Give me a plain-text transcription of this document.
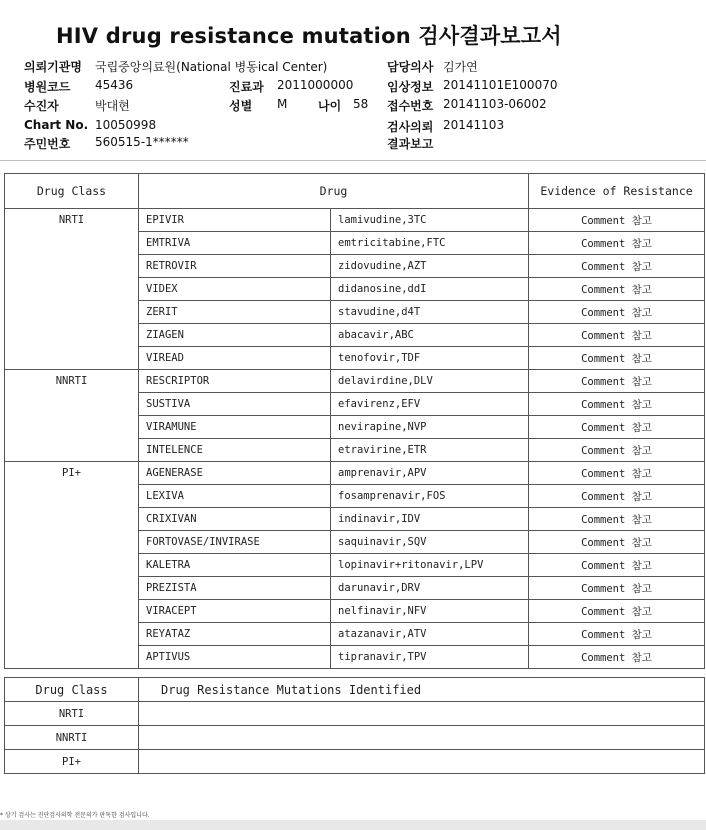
HIV drug resistance mutation 검사결과보고서
의뢰기관명 국립중앙의료원(National 병동ical Center)
병원코드 45436	진료과 2011000000
수진자	박대현	성별 M	나이 58
Chart No. 10050998
주민번호 560515-1******
담당의사 김가연
임상정보 20141101E100070
접수번호 20141103-06002
검사의뢰 20141103
결과보고
Drug Class	Drug		Evidence of Resistance
NRTI	EPIVIR	lamivudine,3TC	Comment 참고
	EMTRIVA	emtricitabine,FTC	Comment 참고
	RETROVIR	zidovudine,AZT	Comment 참고
	VIDEX	didanosine,ddI	Comment 참고
	ZERIT	stavudine,d4T	Comment 참고
	ZIAGEN	abacavir,ABC	Comment 참고
	VIREAD	tenofovir,TDF	Comment 참고
NNRTI	RESCRIPTOR	delavirdine,DLV	Comment 참고
	SUSTIVA	efavirenz,EFV	Comment 참고
	VIRAMUNE	nevirapine,NVP	Comment 참고
	INTELENCE	etravirine,ETR	Comment 참고
PI+	AGENERASE	amprenavir,APV	Comment 참고
	LEXIVA	fosamprenavir,FOS	Comment 참고
	CRIXIVAN	indinavir,IDV	Comment 참고
	FORTOVASE/INVIRASE	saquinavir,SQV	Comment 참고
	KALETRA	lopinavir+ritonavir,LPV	Comment 참고
	PREZISTA	darunavir,DRV	Comment 참고
	VIRACEPT	nelfinavir,NFV	Comment 참고
	REYATAZ	atazanavir,ATV	Comment 참고
	APTIVUS	tipranavir,TPV	Comment 참고
Drug Class	Drug Resistance Mutations Identified
NRTI	
NNRTI	
PI+	
* 상기 검사는 진단검사의학 전문의가 판독한 검사입니다.
